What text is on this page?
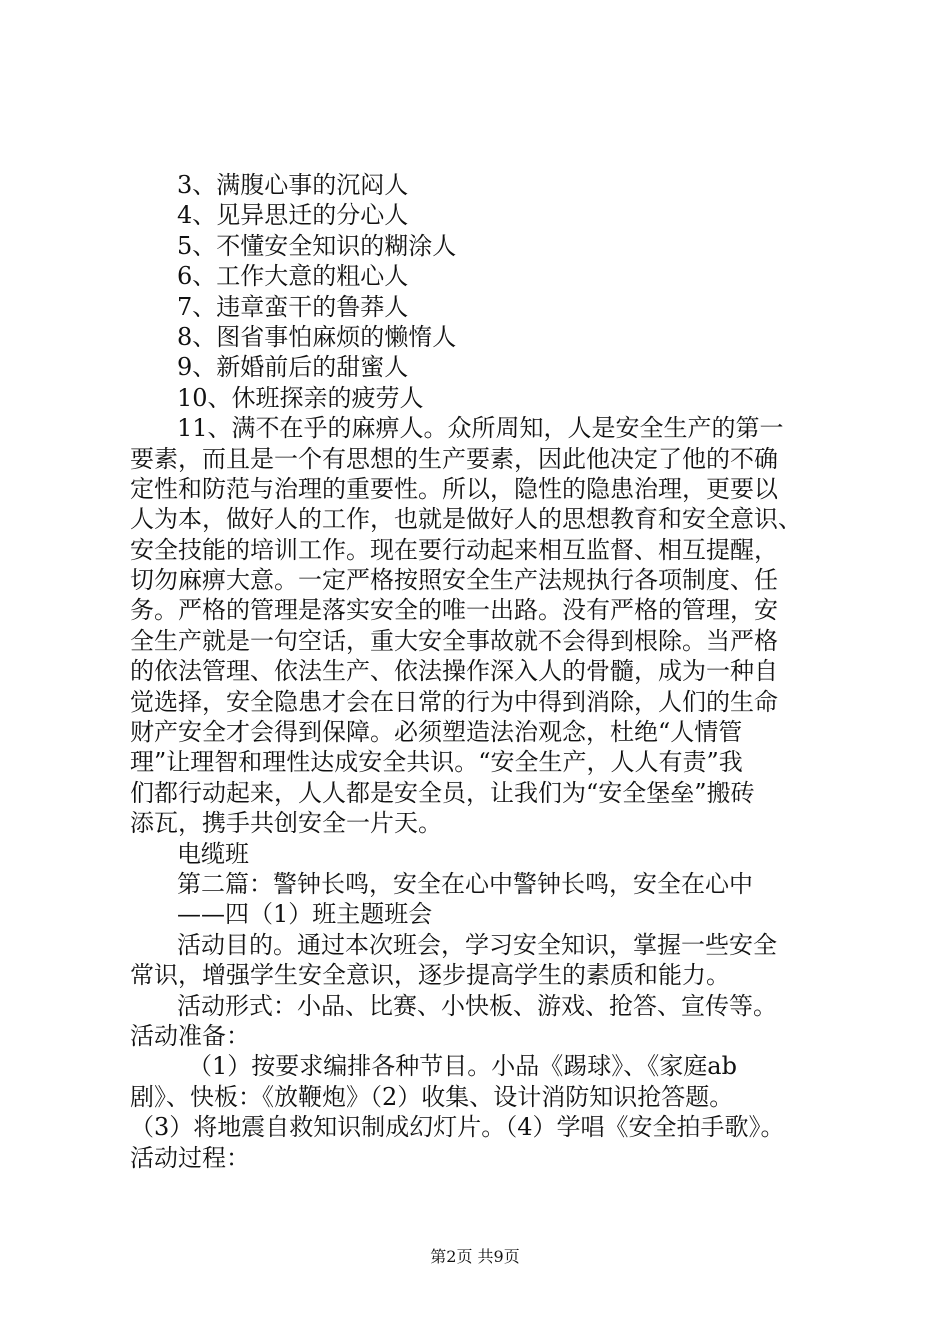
3、满腹心事的沉闷人
4、见异思迁的分心人
5、不懂安全知识的糊涂人
6、工作大意的粗心人
7、违章蛮干的鲁莽人
8、图省事怕麻烦的懒惰人
9、新婚前后的甜蜜人
10、休班探亲的疲劳人
11、满不在乎的麻痹人。众所周知，人是安全生产的第一
要素，而且是一个有思想的生产要素，因此他决定了他的不确
定性和防范与治理的重要性。所以，隐性的隐患治理，更要以
人为本，做好人的工作，也就是做好人的思想教育和安全意识、
安全技能的培训工作。现在要行动起来相互监督、相互提醒，
切勿麻痹大意。一定严格按照安全生产法规执行各项制度、任
务。严格的管理是落实安全的唯一出路。没有严格的管理，安
全生产就是一句空话，重大安全事故就不会得到根除。当严格
的依法管理、依法生产、依法操作深入人的骨髓，成为一种自
觉选择，安全隐患才会在日常的行为中得到消除，人们的生命
财产安全才会得到保障。必须塑造法治观念，杜绝“人情管
理”让理智和理性达成安全共识。“安全生产，人人有责”我
们都行动起来，人人都是安全员，让我们为“安全堡垒”搬砖
添瓦，携手共创安全一片天。
电缆班
第二篇：警钟长鸣，安全在心中警钟长鸣，安全在心中
——四（1）班主题班会
活动目的。通过本次班会，学习安全知识，掌握一些安全
常识，增强学生安全意识，逐步提高学生的素质和能力。
活动形式：小品、比赛、小快板、游戏、抢答、宣传等。
活动准备：
（1）按要求编排各种节目。小品《踢球》、《家庭ab
剧》、快板：《放鞭炮》（2）收集、设计消防知识抢答题。
（3）将地震自救知识制成幻灯片。（4）学唱《安全拍手歌》。
活动过程：
第2页 共9页
